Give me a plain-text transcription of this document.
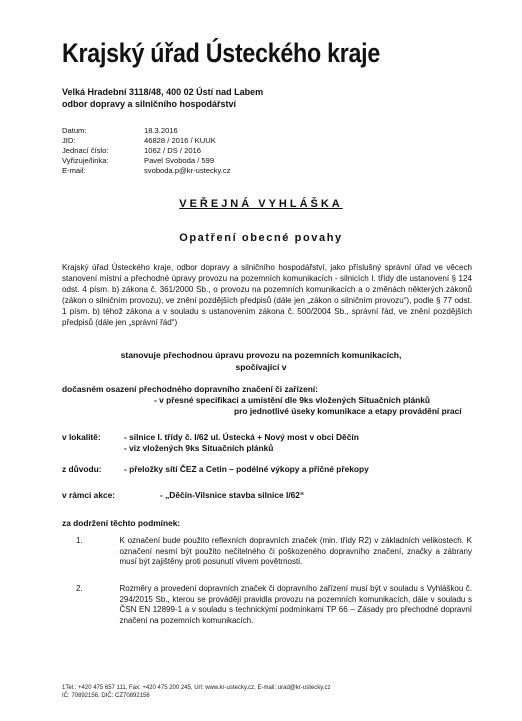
Krajský úřad Ústeckého kraje
Velká Hradební 3118/48, 400 02 Ústí nad Labem
odbor dopravy a silničního hospodářství
Datum:	18.3.2016
JID:	46828 / 2016 / KUUK
Jednací číslo:	1062 / DS / 2016
Vyřizuje/linka:	Pavel Svoboda / 599
E-mail:	svoboda.p@kr-ustecky.cz
VEŘEJNÁ VYHLÁŠKA
Opatření obecné povahy
Krajský úřad Ústeckého kraje, odbor dopravy a silničního hospodářství, jako příslušný správní úřad ve věcech stanovení místní a přechodné úpravy provozu na pozemních komunikacích - silnicích I. třídy dle ustanovení § 124 odst. 4 písm. b) zákona č. 361/2000 Sb., o provozu na pozemních komunikacích a o změnách některých zákonů (zákon o silničním provozu), ve znění pozdějších předpisů (dále jen „zákon o silničním provozu“), podle § 77 odst. 1 písm. b) téhož zákona a v souladu s ustanovením zákona č. 500/2004 Sb., správní řád, ve znění pozdějších předpisů (dále jen „správní řád“)
stanovuje přechodnou úpravu provozu na pozemních komunikacích,
spočívající v
dočasném osazení přechodného dopravního značení či zařízení:
- v přesné specifikaci a umístění dle 9ks vložených Situačních plánků
pro jednotlivé úseky komunikace a etapy provádění prací
v lokalitě:	- silnice I. třídy č. I/62 ul. Ústecká + Nový most v obci Děčín
- viz vložených 9ks Situačních plánků
z důvodu:	- přeložky sítí ČEZ a Cetin – podélné výkopy a příčné překopy
v rámci akce:	- „Děčín-Vilsnice stavba silnice I/62“
za dodržení těchto podmínek:
1.	K označení bude použito reflexních dopravních značek (min. třídy R2) v základních velikostech. K označení nesmí být použito nečitelného či poškozeného dopravního značení, značky a zábrany musí být zajištěny proti posunutí vlivem povětrnosti.
2.	Rozměry a provedení dopravních značek či dopravního zařízení musí být v souladu s Vyhláškou č. 294/2015 Sb., kterou se provádějí pravidla provozu na pozemních komunikacích, dále v souladu s ČSN EN 12899-1 a v souladu s technickými podmínkami TP 66 – Zásady pro přechodné dopravní značení na pozemních komunikacích.
1Tel.: +420 475 657 111, Fax: +420 475 200 245, Url: www.kr-ustecky.cz, E-mail: urad@kr-ustecky.cz
IČ: 70892156, DIČ: CZ70892156
